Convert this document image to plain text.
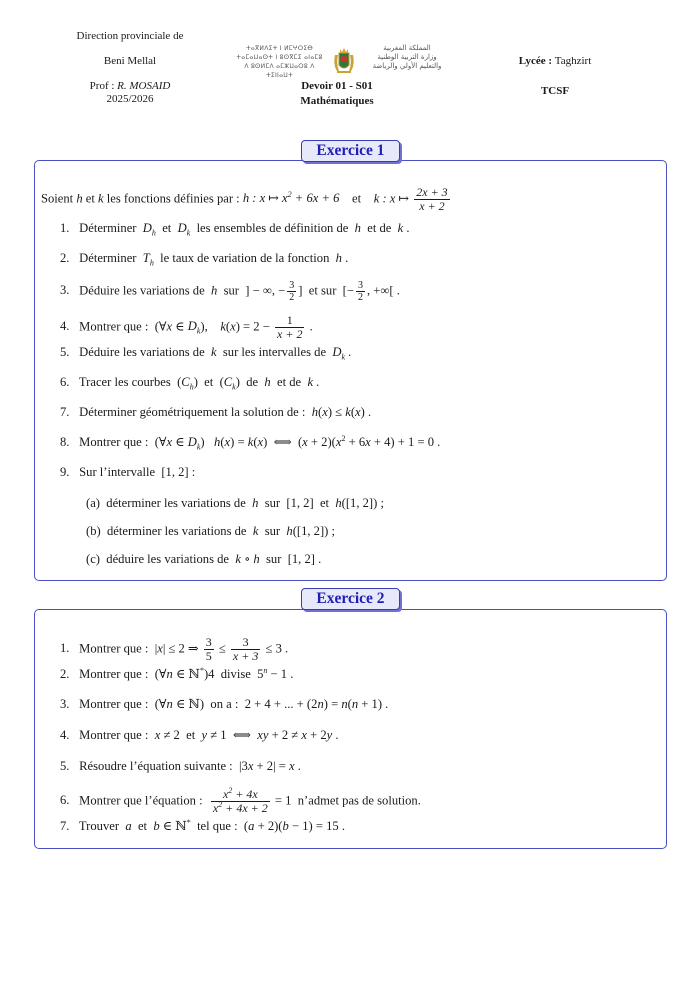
Direction provinciale de
Beni Mellal
Prof : R. MOSAID
2025/2026
ⵜⴰⴳⵍⴷⵉⵜ ⵏ ⵍⵎⵖⵔⵉⴱ
ⵜⴰⵎⴰⵡⴰⵙⵜ ⵏ ⵓⵙⴳⵎⵉ ⴰⵏⴰⵎⵓ
ⴷ ⵓⵙⵍⵎⴷ ⴰⵎⵣⵡⴰⵔⵓ ⴷ ⵜⵉⵏⵏⴰⵡⵜ
المملكة المغربية
وزارة التربية الوطنية
والتعليم الأولي والرياضة
Devoir 01 - S01
Mathématiques
Lycée : Taghzirt
TCSF
Exercice 1
Soient h et k les fonctions définies par : h : x ↦ $x^2 + 6x + 6$ et k : x ↦ $\frac{2x + 3}{x + 2}$
1. Déterminer  $D_h$  et  $D_k$  les ensembles de définition de  h  et de  k .
2. Déterminer  $T_h$  le taux de variation de la fonction  h .
3. Déduire les variations de  h  sur  ] − ∞, − $\frac{3}{2}$ ]  et sur  [− $\frac{3}{2}$ , +∞[ .
4. Montrer que :  (∀x ∈ $D_k$),    $k(x) = 2 - \frac{1}{x + 2}$ .
5. Déduire les variations de  k  sur les intervalles de  $D_k$ .
6. Tracer les courbes  $(C_h)$  et  $(C_k)$  de  h  et de  k .
7. Déterminer géométriquement la solution de :  h(x) ≤ k(x) .
8. Montrer que :  (∀x ∈ $D_k$)   h(x) = k(x)  ⟺  $(x + 2)(x^2 + 6x + 4) + 1 = 0$ .
9. Sur l’intervalle  [1, 2] :
(a)  déterminer les variations de  h  sur  [1, 2]  et  h([1, 2]) ;
(b)  déterminer les variations de  k  sur  h([1, 2]) ;
(c)  déduire les variations de  k ∘ h  sur  [1, 2] .
Exercice 2
1. Montrer que :  |x| ≤ 2 ⇒ $\frac{3}{5} \le \frac{3}{x + 3} \le 3$ .
2. Montrer que :  (∀n ∈ ℕ*)4  divise  $5^n - 1$ .
3. Montrer que :  (∀n ∈ ℕ)  on a :  2 + 4 + ... + (2n) = n(n + 1) .
4. Montrer que :  x ≠ 2  et  y ≠ 1  ⟺  xy + 2 ≠ x + 2y .
5. Résoudre l’équation suivante :  |3x + 2| = x .
6. Montrer que l’équation : $\frac{x^2 + 4x}{x^2 + 4x + 2} = 1$  n’admet pas de solution.
7. Trouver  a  et  b ∈ ℕ*  tel que :  (a + 2)(b − 1) = 15 .
